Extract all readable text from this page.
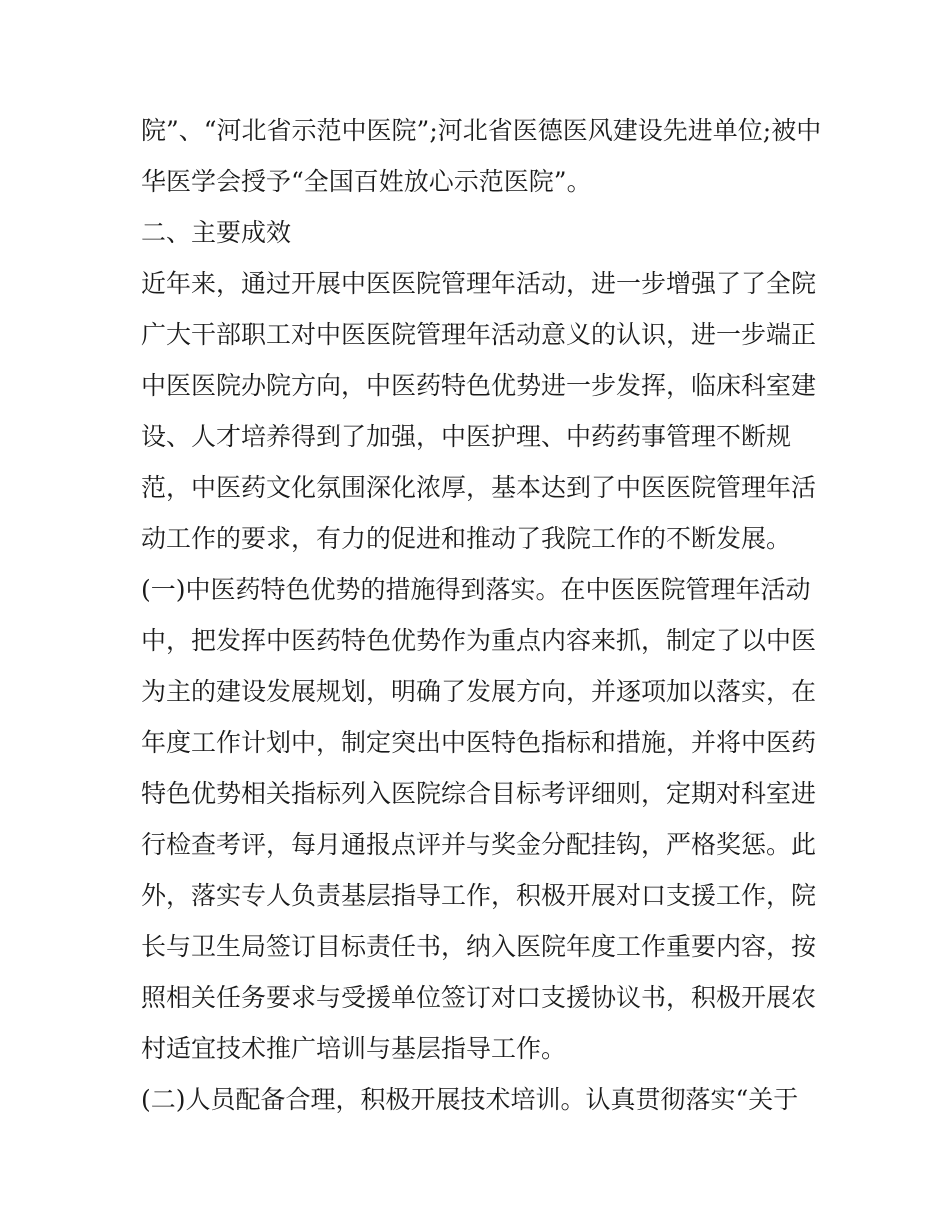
院”、“河北省示范中医院”;河北省医德医风建设先进单位;被中
华医学会授予“全国百姓放心示范医院”。
二、主要成效
近年来，通过开展中医医院管理年活动，进一步增强了了全院
广大干部职工对中医医院管理年活动意义的认识，进一步端正
中医医院办院方向，中医药特色优势进一步发挥，临床科室建
设、人才培养得到了加强，中医护理、中药药事管理不断规
范，中医药文化氛围深化浓厚，基本达到了中医医院管理年活
动工作的要求，有力的促进和推动了我院工作的不断发展。
(一)中医药特色优势的措施得到落实。在中医医院管理年活动
中，把发挥中医药特色优势作为重点内容来抓，制定了以中医
为主的建设发展规划，明确了发展方向，并逐项加以落实，在
年度工作计划中，制定突出中医特色指标和措施，并将中医药
特色优势相关指标列入医院综合目标考评细则，定期对科室进
行检查考评，每月通报点评并与奖金分配挂钩，严格奖惩。此
外，落实专人负责基层指导工作，积极开展对口支援工作，院
长与卫生局签订目标责任书，纳入医院年度工作重要内容，按
照相关任务要求与受援单位签订对口支援协议书，积极开展农
村适宜技术推广培训与基层指导工作。
(二)人员配备合理，积极开展技术培训。认真贯彻落实“关于
